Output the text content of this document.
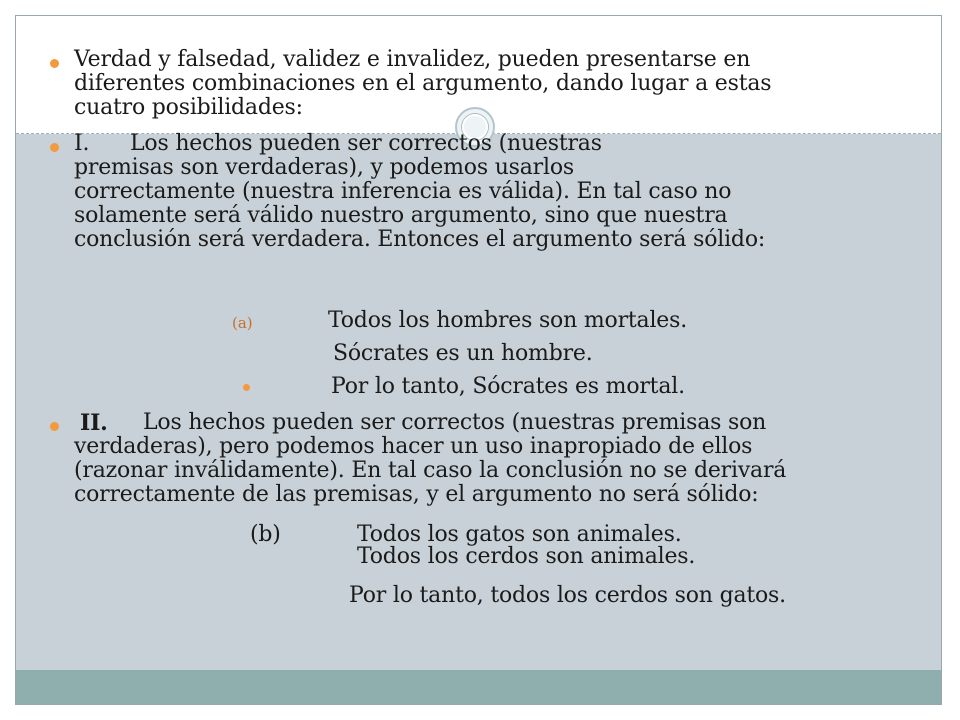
Verdad y falsedad, validez e invalidez, pueden presentarse en
diferentes combinaciones en el argumento, dando lugar a estas
cuatro posibilidades:
I. Los hechos pueden ser correctos (nuestras
premisas son verdaderas), y podemos usarlos
correctamente (nuestra inferencia es válida). En tal caso no
solamente será válido nuestro argumento, sino que nuestra
conclusión será verdadera. Entonces el argumento será sólido:
(a)	Todos los hombres son mortales.
Sócrates es un hombre.
Por lo tanto, Sócrates es mortal.
II. Los hechos pueden ser correctos (nuestras premisas son
verdaderas), pero podemos hacer un uso inapropiado de ellos
(razonar inválidamente). En tal caso la conclusión no se derivará
correctamente de las premisas, y el argumento no será sólido:
(b)	Todos los gatos son animales.
Todos los cerdos son animales.
Por lo tanto, todos los cerdos son gatos.
